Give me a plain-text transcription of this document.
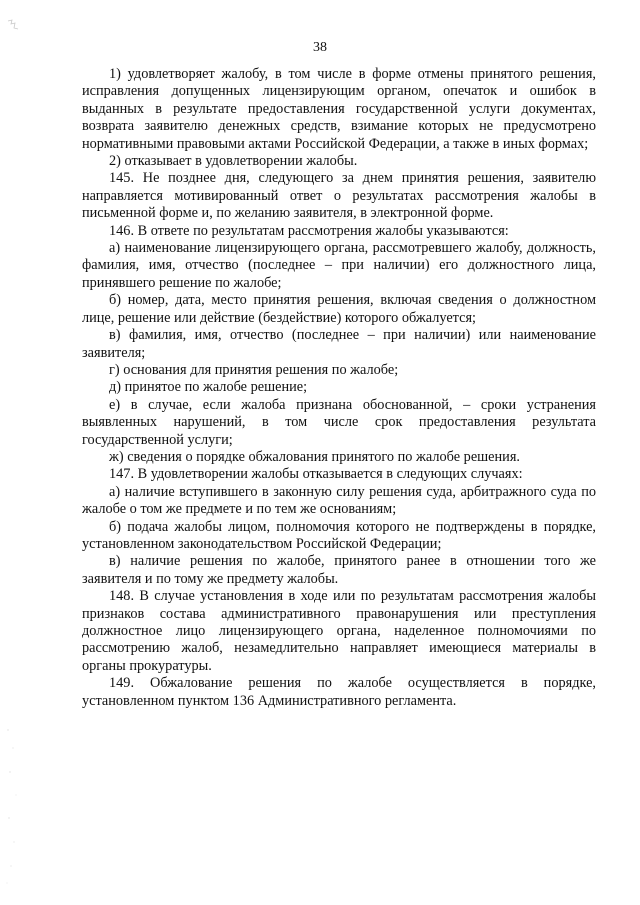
38

1) удовлетворяет жалобу, в том числе в форме отмены принятого решения, исправления допущенных лицензирующим органом, опечаток и ошибок в выданных в результате предоставления государственной услуги документах, возврата заявителю денежных средств, взимание которых не предусмотрено нормативными правовыми актами Российской Федерации, а также в иных формах;

2) отказывает в удовлетворении жалобы.

145. Не позднее дня, следующего за днем принятия решения, заявителю направляется мотивированный ответ о результатах рассмотрения жалобы в письменной форме и, по желанию заявителя, в электронной форме.

146. В ответе по результатам рассмотрения жалобы указываются:

а) наименование лицензирующего органа, рассмотревшего жалобу, должность, фамилия, имя, отчество (последнее – при наличии) его должностного лица, принявшего решение по жалобе;

б) номер, дата, место принятия решения, включая сведения о должностном лице, решение или действие (бездействие) которого обжалуется;

в) фамилия, имя, отчество (последнее – при наличии) или наименование заявителя;

г) основания для принятия решения по жалобе;

д) принятое по жалобе решение;

е) в случае, если жалоба признана обоснованной, – сроки устранения выявленных нарушений, в том числе срок предоставления результата государственной услуги;

ж) сведения о порядке обжалования принятого по жалобе решения.

147. В удовлетворении жалобы отказывается в следующих случаях:

а) наличие вступившего в законную силу решения суда, арбитражного суда по жалобе о том же предмете и по тем же основаниям;

б) подача жалобы лицом, полномочия которого не подтверждены в порядке, установленном законодательством Российской Федерации;

в) наличие решения по жалобе, принятого ранее в отношении того же заявителя и по тому же предмету жалобы.

148. В случае установления в ходе или по результатам рассмотрения жалобы признаков состава административного правонарушения или преступления должностное лицо лицензирующего органа, наделенное полномочиями по рассмотрению жалоб, незамедлительно направляет имеющиеся материалы в органы прокуратуры.

149. Обжалование решения по жалобе осуществляется в порядке, установленном пунктом 136 Административного регламента.
